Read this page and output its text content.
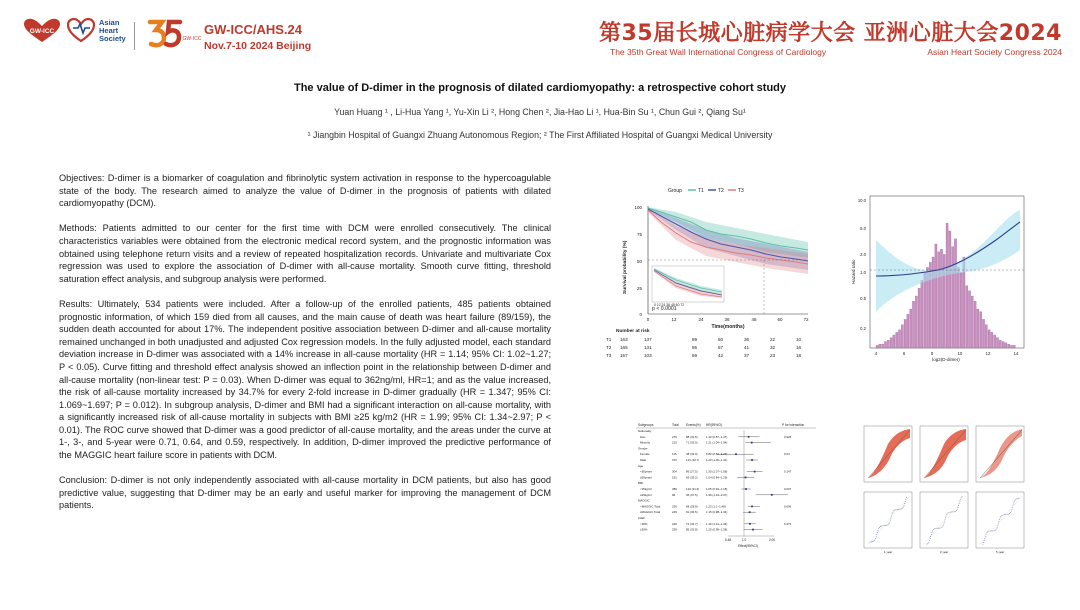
GW-ICC
Asian
Heart
Society	GW·ICC
GW-ICC/AHS.24
Nov.7-10 2024 Beijing	第35届长城心脏病学大会 亚洲心脏大会2024
The 35th Great Wall International Congress of Cardiology	Asian Heart Society Congress 2024
The value of D-dimer in the prognosis of dilated cardiomyopathy: a retrospective cohort study
Yuan Huang ¹ , Li-Hua Yang ¹, Yu-Xin Li ², Hong Chen ², Jia-Hao Li ¹, Hua-Bin Su ¹, Chun Gui ², Qiang Su¹
¹ Jiangbin Hospital of Guangxi Zhuang Autonomous Region; ² The First Affiliated Hospital of Guangxi Medical University

Objectives: D-dimer is a biomarker of coagulation and fibrinolytic system activation in response to the hypercoagulable state of the body. The research aimed to analyze the value of D-dimer in the prognosis of patients with dilated cardiomyopathy (DCM).

Methods: Patients admitted to our center for the first time with DCM were enrolled consecutively. The clinical characteristics variables were obtained from the electronic medical record system, and the prognostic information was obtained using telephone return visits and a review of repeated hospitalization records. Univariate and multivariate Cox regression was used to explore the association of D-dimer with all-cause mortality. Smooth curve fitting, threshold saturation effect analysis, and subgroup analysis were performed.

Results: Ultimately, 534 patients were included. After a follow-up of the enrolled patients, 485 patients obtained prognostic information, of which 159 died from all causes, and the main cause of death was heart failure (89/159), the sudden death accounted for about 17%. The independent positive association between D-dimer and all-cause mortality remained unchanged in both unadjusted and adjusted Cox regression models. In the fully adjusted model, each standard deviation increase in D-dimer was associated with a 14% increase in all-cause mortality (HR = 1.14; 95% CI: 1.02~1.27; P < 0.05). Curve fitting and threshold effect analysis showed an inflection point in the relationship between D-dimer and all-cause mortality (non-linear test: P = 0.03). When D-dimer was equal to 362ng/ml, HR=1; and as the value increased, the risk of all-cause mortality increased by 34.7% for every 2-fold increase in D-dimer gradually (HR = 1.347; 95% CI: 1.069~1.697; P = 0.012). In subgroup analysis, D-dimer and BMI had a significant interaction on all-cause mortality, with a significantly increased risk of all-cause mortality in subjects with BMI ≥25 kg/m2 (HR = 1.99; 95% CI: 1.34~2.97; P < 0.01). The ROC curve showed that D-dimer was a good predictor of all-cause mortality, and the areas under the curve at 1-, 3-, and 5-year were 0.71, 0.64, and 0.59, respectively. In addition, D-dimer improved the predictive performance of the MAGGIC heart failure score in patients with DCM.

Conclusion: D-dimer is not only independently associated with all-cause mortality in DCM patients, but also has good predictive value, suggesting that D-dimer may be an early and useful marker for improving the management of DCM patients.

Group	T1	T2	T3
100
75
50
25
0
Survival probability (%)
0	12	24	36	48	60	72
Time(months)
0 12 24 36 48 60 72
p < 0.0001
Number at risk
T1 163	137	89	50	36	22	10
T2 165	131	85	57	41	32	16
T3 157	103	69	42	37	23	18
10.0
5.0
2.0
1.0
0.5
0.2
Hazard ratio
4	6	8	10	12	14
log2(D-dimer)
Subgroups	Total Events(%) HR(95%CI)	P for interaction
Nationality
Han	270	88 (32.6)	1.12 (0.87~1.47)	0.926
Minority	215	71 (33.0)	1.21 (1.04~1.94)
Gender
Female	115	38 (33.0)	0.82 (0.51~1.27)	0.64
Male	370	121 (32.7) 1.22 (1.06~1.41)
Age
<65years	304	86 (27.5)	1.30 (1.07~1.58)	0.147
≥65years	181	65 (35.2)	1.04 (0.84~1.29)
BMI
<25kg/m²	389	123 (31.6) 1.05 (0.94~1.18)	0.007
≥25kg/m²	96	36 (37.5)	1.99 (1.34~2.97)
MAGGIC
<MAGGIC Total	236	68 (28.8)	1.22 (1.1~1.48)	0.606
≥MAGGIC Total	249	91 (36.5)	1.15 (0.98~1.34)
LVEF
<30%	226	74 (32.7)	1.16 (1.01~1.34)	0.373
≥30%	259	85 (32.8)	1.25 (0.99~1.58)
0.48	1.0	2.00
Effect(95%CI)
1 year	3 year	5 year
